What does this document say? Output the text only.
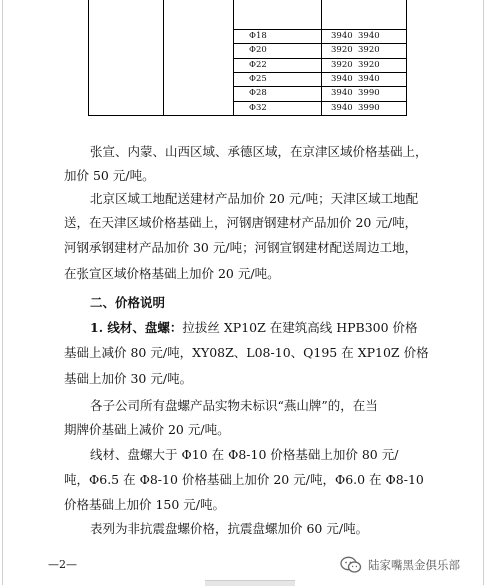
Φ18	3940 3940
Φ20	3920 3920
Φ22	3920 3920
Φ25	3940 3940
Φ28	3940 3990
Φ32	3940 3990
张宣、内蒙、山西区域、承德区域，在京津区域价格基础上，
加价 50 元/吨。
北京区域工地配送建材产品加价 20 元/吨；天津区域工地配
送，在天津区域价格基础上，河钢唐钢建材产品加价 20 元/吨，
河钢承钢建材产品加价 30 元/吨；河钢宣钢建材配送周边工地，
在张宣区域价格基础上加价 20 元/吨。
二、价格说明
1. 线材、盘螺：拉拔丝 XP10Z 在建筑高线 HPB300 价格
基础上减价 80 元/吨，XY08Z、L08-10、Q195 在 XP10Z 价格
基础上加价 30 元/吨。
各子公司所有盘螺产品实物未标识“燕山牌”的，在当
期牌价基础上减价 20 元/吨。
线材、盘螺大于 Φ10 在 Φ8-10 价格基础上加价 80 元/
吨，Φ6.5 在 Φ8-10 价格基础上加价 20 元/吨，Φ6.0 在 Φ8-10
价格基础上加价 150 元/吨。
表列为非抗震盘螺价格，抗震盘螺加价 60 元/吨。
—2—	陆家嘴黑金俱乐部
